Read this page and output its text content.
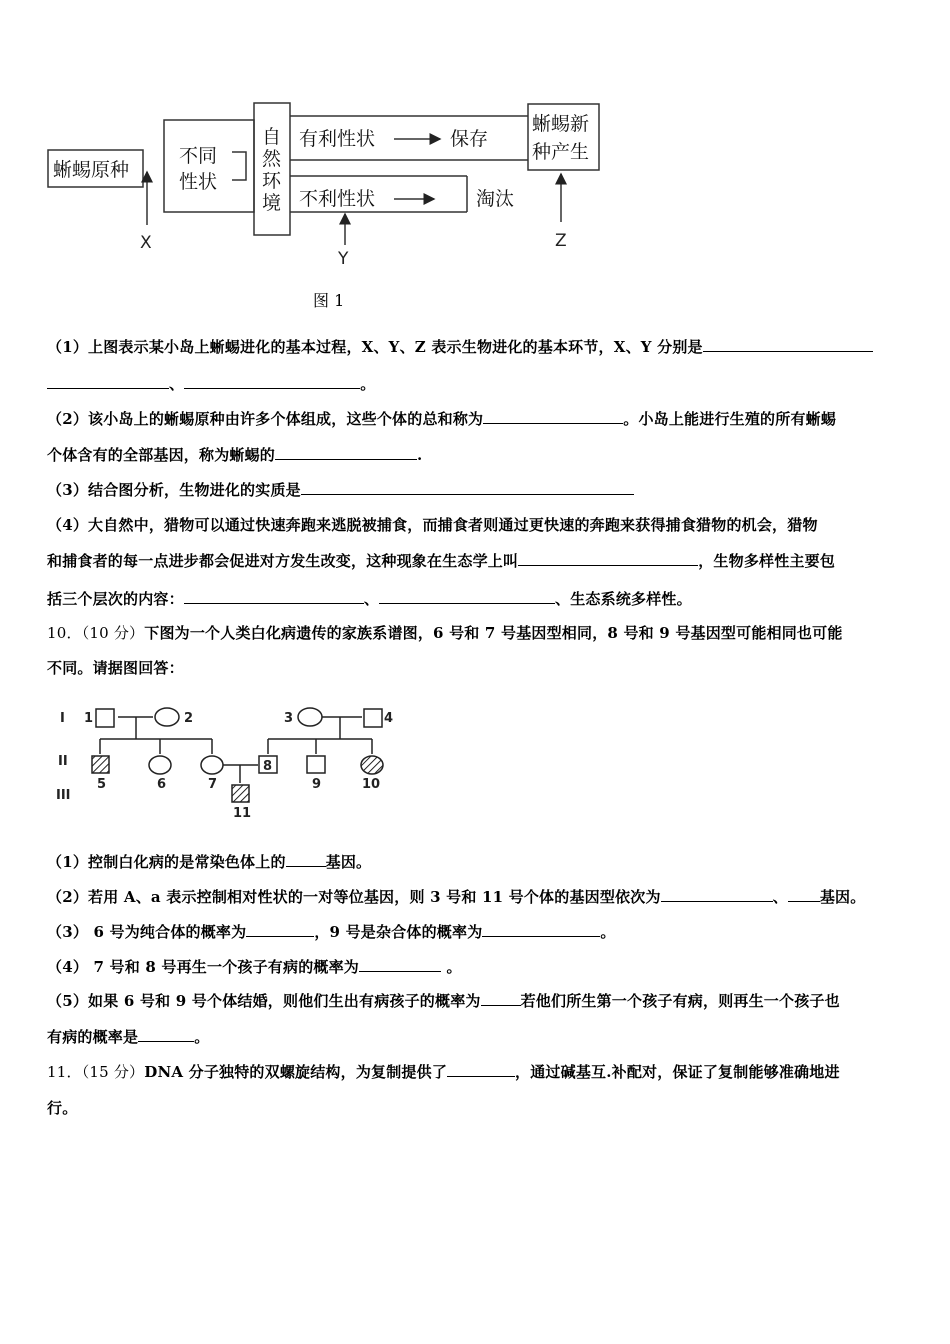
蜥蜴原种
不同
性状
自
然
环
境
有利性状	保存
不利性状	淘汰
蜥蜴新
种产生
X
Y
Z
图 1
（1）上图表示某小岛上蜥蜴进化的基本过程，X、Y、Z 表示生物进化的基本环节，X、Y 分别是
、	。
（2）该小岛上的蜥蜴原种由许多个体组成，这些个体的总和称为	。小岛上能进行生殖的所有蜥蜴
个体含有的全部基因，称为蜥蜴的	.
（3）结合图分析，生物进化的实质是
（4）大自然中，猎物可以通过快速奔跑来逃脱被捕食，而捕食者则通过更快速的奔跑来获得捕食猎物的机会，猎物
和捕食者的每一点进步都会促进对方发生改变，这种现象在生态学上叫	，生物多样性主要包
括三个层次的内容：	、	、生态系统多样性。
10．（10 分）下图为一个人类白化病遗传的家族系谱图，6 号和 7 号基因型相同，8 号和 9 号基因型可能相同也可能
不同。请据图回答：
I
II
III
1	2	3	4
5	6	7
8
9	10
11
（1）控制白化病的是常染色体上的	基因。
（2）若用 A、a 表示控制相对性状的一对等位基因，则 3 号和 11 号个体的基因型依次为	、 基因。
（3） 6 号为纯合体的概率为	，9 号是杂合体的概率为	。
（4） 7 号和 8 号再生一个孩子有病的概率为	。
（5）如果 6 号和 9 号个体结婚，则他们生出有病孩子的概率为	若他们所生第一个孩子有病，则再生一个孩子也
有病的概率是	。
11．（15 分）DNA 分子独特的双螺旋结构，为复制提供了	，通过碱基互.补配对，保证了复制能够准确地进
行。
